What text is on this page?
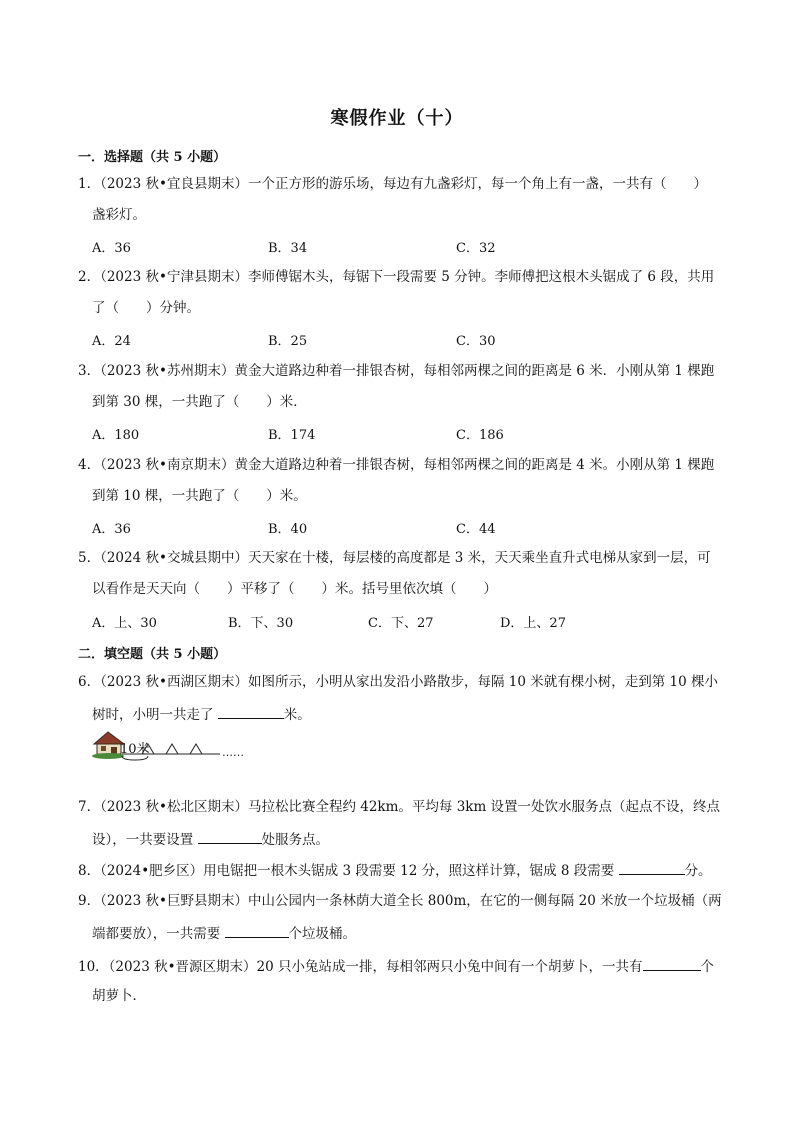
寒假作业（十）
一．选择题（共 5 小题）
1．（2023 秋•宜良县期末）一个正方形的游乐场，每边有九盏彩灯，每一个角上有一盏，一共有（　　）
盏彩灯。
A．36	B．34	C．32
2．（2023 秋•宁津县期末）李师傅锯木头，每锯下一段需要 5 分钟。李师傅把这根木头锯成了 6 段，共用
了（　　）分钟。
A．24	B．25	C．30
3．（2023 秋•苏州期末）黄金大道路边种着一排银杏树，每相邻两棵之间的距离是 6 米．小刚从第 1 棵跑
到第 30 棵，一共跑了（　　）米．
A．180	B．174	C．186
4．（2023 秋•南京期末）黄金大道路边种着一排银杏树，每相邻两棵之间的距离是 4 米。小刚从第 1 棵跑
到第 10 棵，一共跑了（　　）米。
A．36	B．40	C．44
5．（2024 秋•交城县期中）天天家在十楼，每层楼的高度都是 3 米，天天乘坐直升式电梯从家到一层，可
以看作是天天向（　　）平移了（　　）米。括号里依次填（　　）
A．上、30	B．下、30	C．下、27	D．上、27
二．填空题（共 5 小题）
6．（2023 秋•西湖区期末）如图所示，小明从家出发沿小路散步，每隔 10 米就有棵小树，走到第 10 棵小
树时，小明一共走了	米。
……
10米
7．（2023 秋•松北区期末）马拉松比赛全程约 42km。平均每 3km 设置一处饮水服务点（起点不设，终点
设），一共要设置	处服务点。
8．（2024•肥乡区）用电锯把一根木头锯成 3 段需要 12 分，照这样计算，锯成 8 段需要	分。
9．（2023 秋•巨野县期末）中山公园内一条林荫大道全长 800m，在它的一侧每隔 20 米放一个垃圾桶（两
端都要放），一共需要	个垃圾桶。
10．（2023 秋•晋源区期末）20 只小兔站成一排，每相邻两只小兔中间有一个胡萝卜，一共有	个
胡萝卜．
